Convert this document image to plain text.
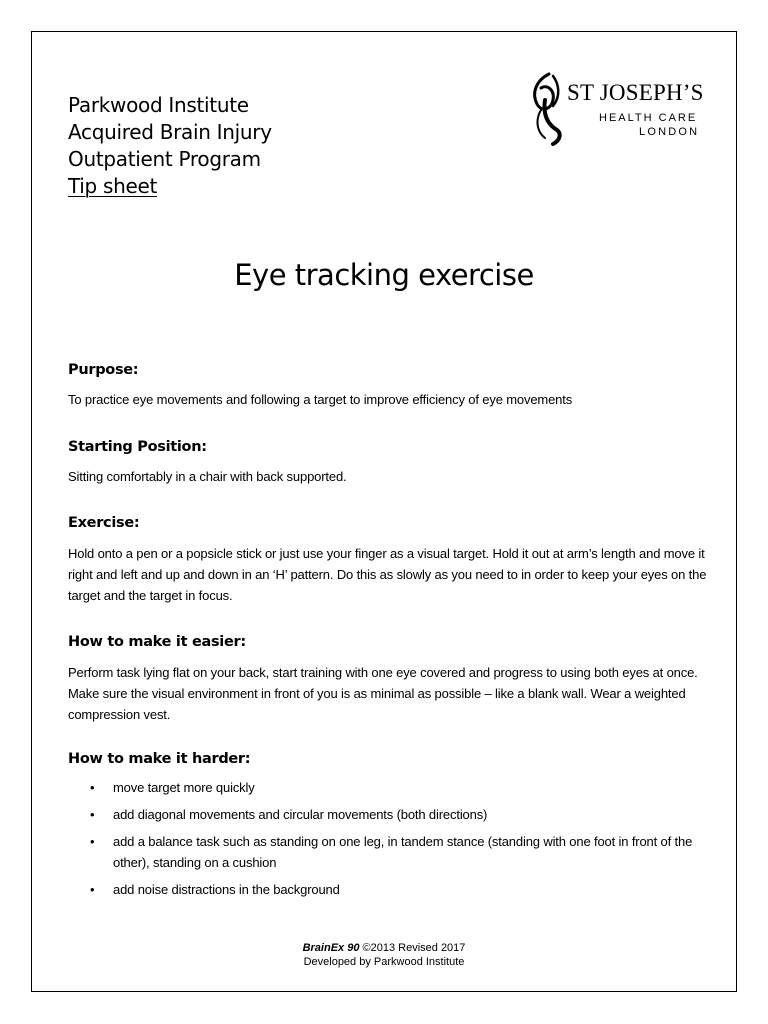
Parkwood Institute
Acquired Brain Injury
Outpatient Program
Tip sheet
ST JOSEPH’S
HEALTH CARE
LONDON
Eye tracking exercise
Purpose:
To practice eye movements and following a target to improve efficiency of eye movements
Starting Position:
Sitting comfortably in a chair with back supported.
Exercise:
Hold onto a pen or a popsicle stick or just use your finger as a visual target. Hold it out at arm’s length and move it right and left and up and down in an ‘H’ pattern. Do this as slowly as you need to in order to keep your eyes on the target and the target in focus.
How to make it easier:
Perform task lying flat on your back, start training with one eye covered and progress to using both eyes at once. Make sure the visual environment in front of you is as minimal as possible – like a blank wall. Wear a weighted compression vest.
How to make it harder:
• move target more quickly
• add diagonal movements and circular movements (both directions)
• add a balance task such as standing on one leg, in tandem stance (standing with one foot in front of the other), standing on a cushion
• add noise distractions in the background
BrainEx 90 ©2013 Revised 2017
Developed by Parkwood Institute
